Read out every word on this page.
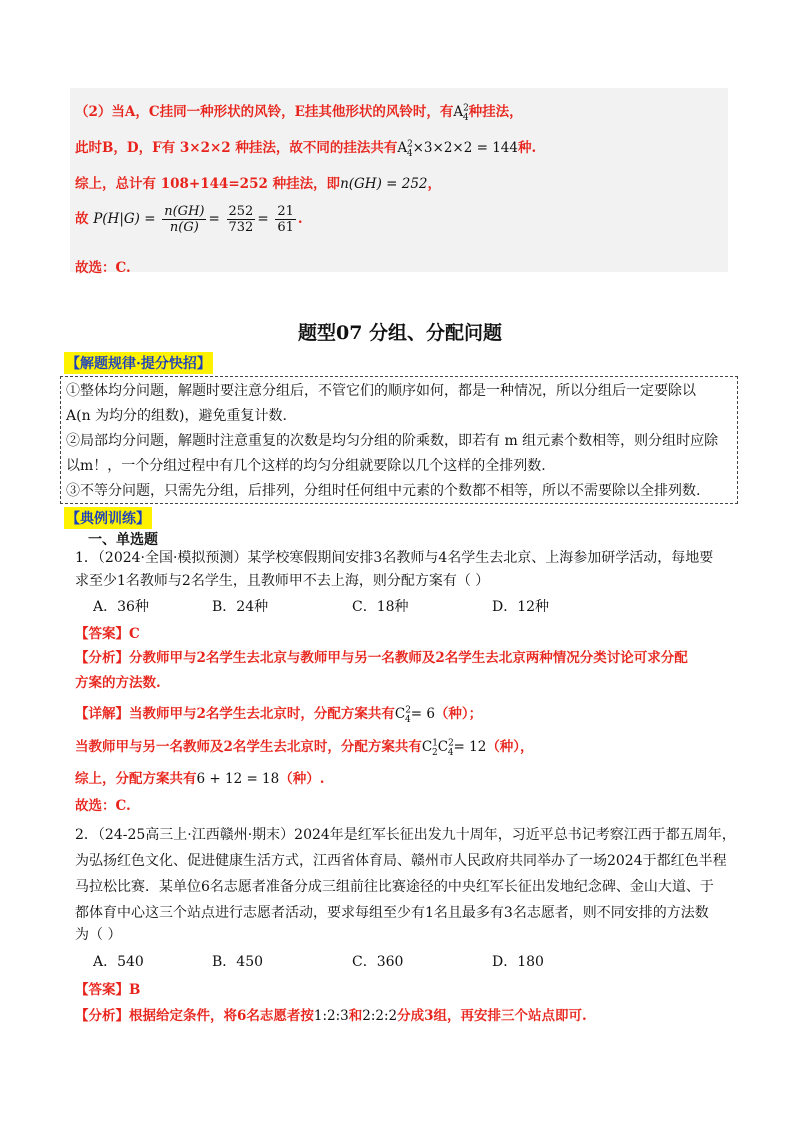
（2）当A，C挂同一种形状的风铃，E挂其他形状的风铃时，有$A^2_4$种挂法，
此时B，D，F有 3×2×2 种挂法，故不同的挂法共有$A^2_4\times 3\times 2\times 2 = 144$种.
综上，总计有 108+144=252 种挂法，即n(GH) = 252，
故 $P(H|G) = \frac{n(GH)}{n(G)} = \frac{252}{732} = \frac{21}{61}$ .
故选：C.
题型07 分组、分配问题
【解题规律·提分快招】
①整体均分问题，解题时要注意分组后，不管它们的顺序如何，都是一种情况，所以分组后一定要除以
A(n 为均分的组数)，避免重复计数.
②局部均分问题，解题时注意重复的次数是均匀分组的阶乘数，即若有 m 组元素个数相等，则分组时应除
以m！，一个分组过程中有几个这样的均匀分组就要除以几个这样的全排列数.
③不等分问题，只需先分组，后排列，分组时任何组中元素的个数都不相等，所以不需要除以全排列数.
【典例训练】
一、单选题
1．（2024·全国·模拟预测）某学校寒假期间安排3名教师与4名学生去北京、上海参加研学活动，每地要
求至少1名教师与2名学生，且教师甲不去上海，则分配方案有（ ）
A．36种	B．24种	C．18种	D．12种
【答案】C
【分析】分教师甲与2名学生去北京与教师甲与另一名教师及2名学生去北京两种情况分类讨论可求分配
方案的方法数.
【详解】当教师甲与2名学生去北京时，分配方案共有$C^2_4= 6$（种）；
当教师甲与另一名教师及2名学生去北京时，分配方案共有$C^1_2C^2_4= 12$（种），
综上，分配方案共有6 + 12 = 18（种）.
故选：C.
2．（24-25高三上·江西赣州·期末）2024年是红军长征出发九十周年，习近平总书记考察江西于都五周年，
为弘扬红色文化、促进健康生活方式，江西省体育局、赣州市人民政府共同举办了一场2024于都红色半程
马拉松比赛．某单位6名志愿者准备分成三组前往比赛途径的中央红军长征出发地纪念碑、金山大道、于
都体育中心这三个站点进行志愿者活动，要求每组至少有1名且最多有3名志愿者，则不同安排的方法数
为（ ）
A．540	B．450	C．360	D．180
【答案】B
【分析】根据给定条件，将6名志愿者按1:2:3和2:2:2分成3组，再安排三个站点即可.
